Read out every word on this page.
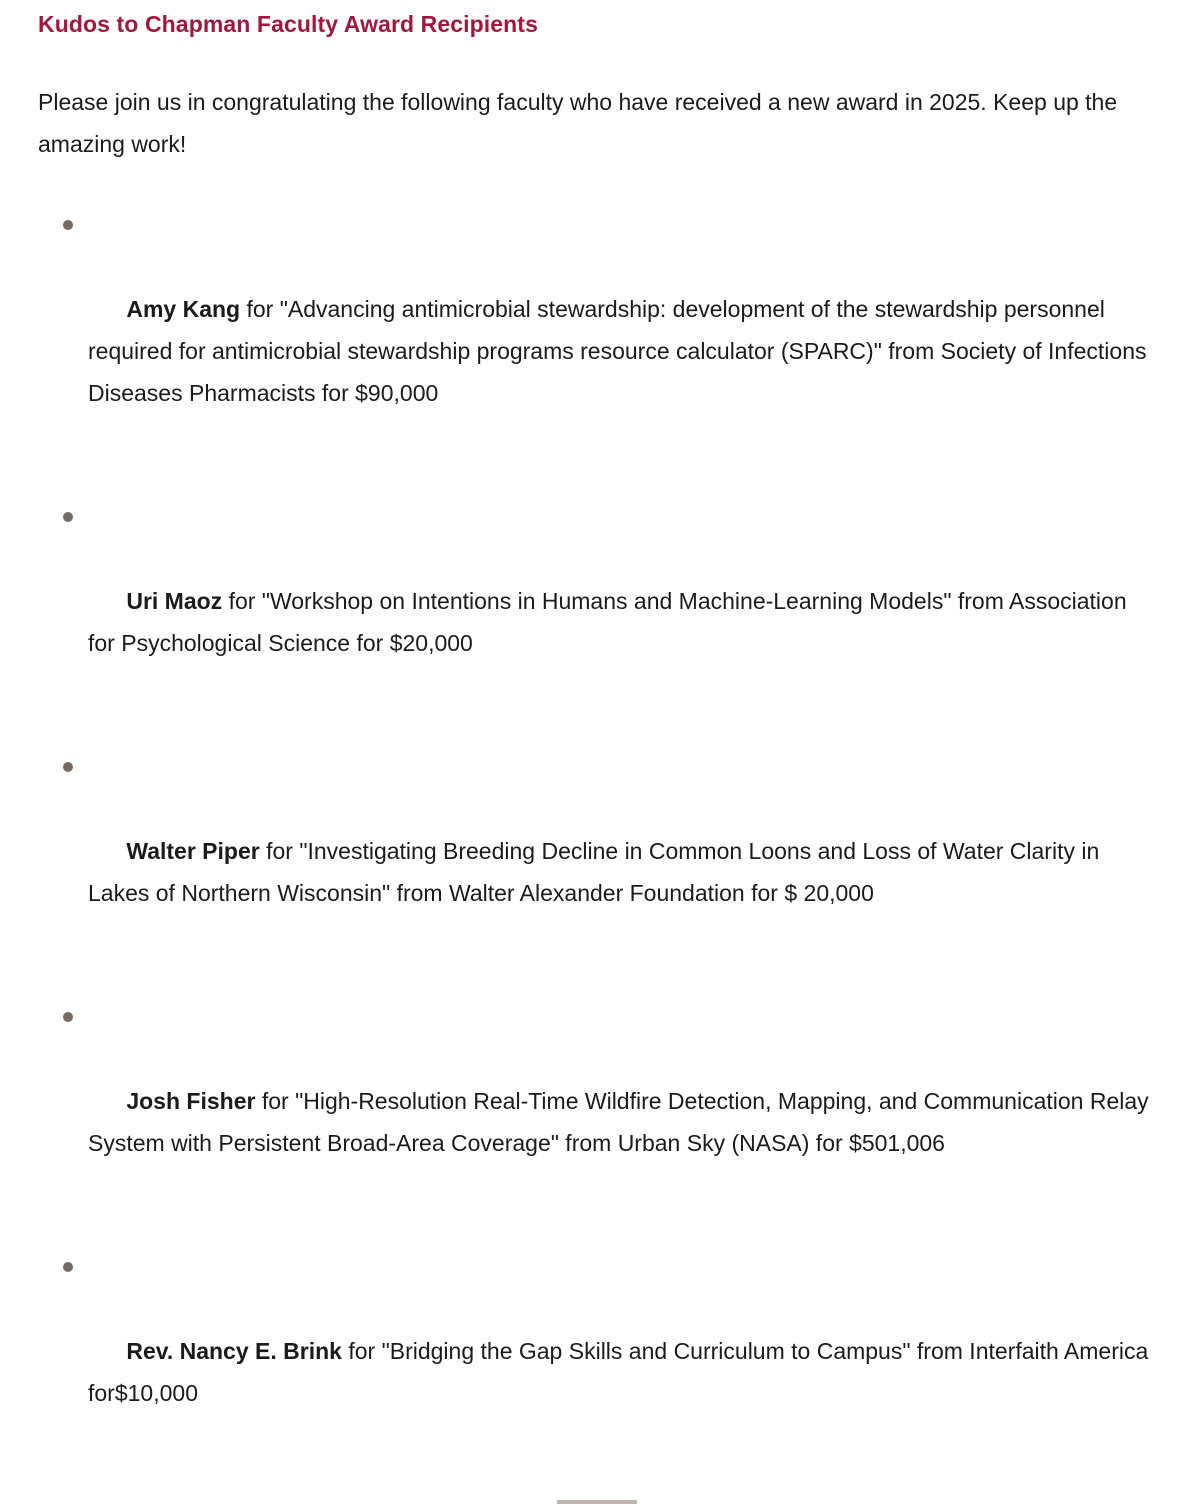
Kudos to Chapman Faculty Award Recipients

Please join us in congratulating the following faculty who have received a new award in 2025. Keep up the amazing work!

Amy Kang for "Advancing antimicrobial stewardship: development of the stewardship personnel required for antimicrobial stewardship programs resource calculator (SPARC)" from Society of Infections Diseases Pharmacists for $90,000

Uri Maoz for "Workshop on Intentions in Humans and Machine-Learning Models" from Association for Psychological Science for $20,000

Walter Piper for "Investigating Breeding Decline in Common Loons and Loss of Water Clarity in Lakes of Northern Wisconsin" from Walter Alexander Foundation for $ 20,000

Josh Fisher for "High-Resolution Real-Time Wildfire Detection, Mapping, and Communication Relay System with Persistent Broad-Area Coverage" from Urban Sky (NASA) for $501,006

Rev. Nancy E. Brink for "Bridging the Gap Skills and Curriculum to Campus" from Interfaith America  for$10,000
